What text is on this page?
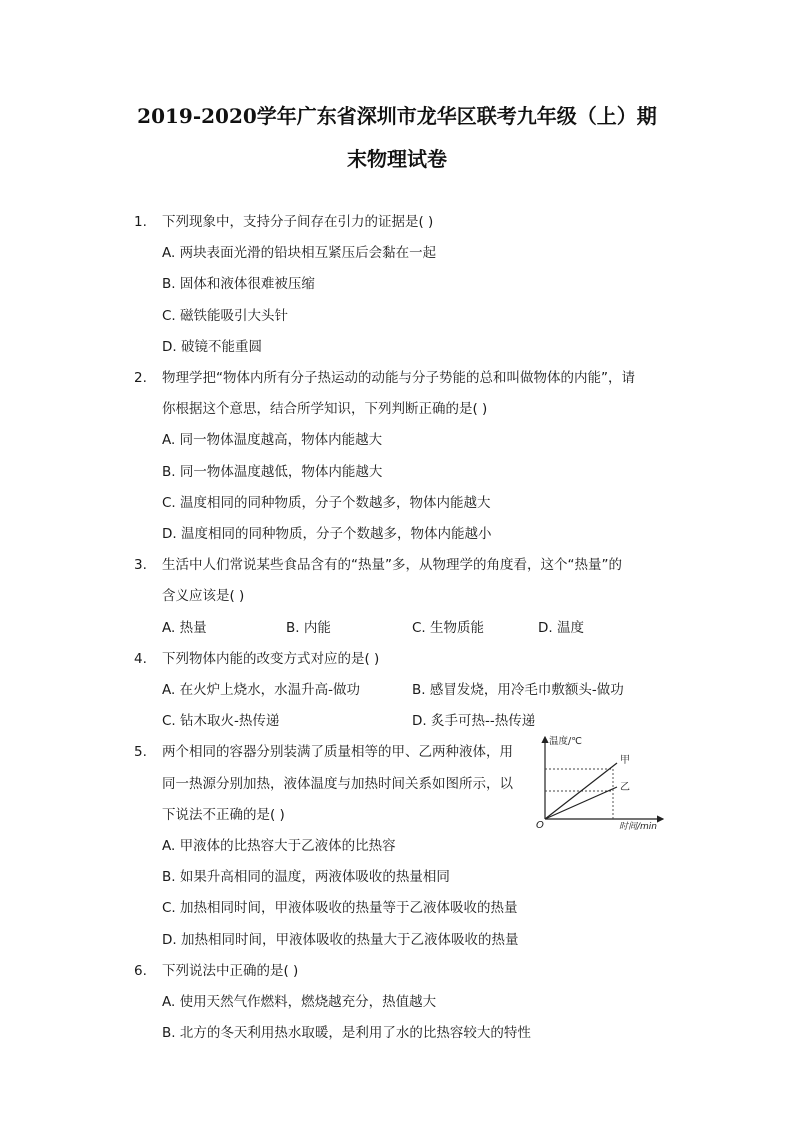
2019-2020学年广东省深圳市龙华区联考九年级（上）期
末物理试卷
1. 下列现象中，支持分子间存在引力的证据是( )
A. 两块表面光滑的铅块相互紧压后会黏在一起
B. 固体和液体很难被压缩
C. 磁铁能吸引大头针
D. 破镜不能重圆
2. 物理学把“物体内所有分子热运动的动能与分子势能的总和叫做物体的内能”，请
你根据这个意思，结合所学知识，下列判断正确的是( )
A. 同一物体温度越高，物体内能越大
B. 同一物体温度越低，物体内能越大
C. 温度相同的同种物质，分子个数越多，物体内能越大
D. 温度相同的同种物质，分子个数越多，物体内能越小
3. 生活中人们常说某些食品含有的“热量”多，从物理学的角度看，这个“热量”的
含义应该是( )
A. 热量	B. 内能	C. 生物质能	D. 温度
4. 下列物体内能的改变方式对应的是( )
A. 在火炉上烧水，水温升高-做功	B. 感冒发烧，用冷毛巾敷额头-做功
C. 钻木取火-热传递	D. 炙手可热--热传递
5. 两个相同的容器分别装满了质量相等的甲、乙两种液体，用
同一热源分别加热，液体温度与加热时间关系如图所示，以
下说法不正确的是( )
温度/℃
时间/min
O
甲
乙
A. 甲液体的比热容大于乙液体的比热容
B. 如果升高相同的温度，两液体吸收的热量相同
C. 加热相同时间，甲液体吸收的热量等于乙液体吸收的热量
D. 加热相同时间，甲液体吸收的热量大于乙液体吸收的热量
6. 下列说法中正确的是( )
A. 使用天然气作燃料，燃烧越充分，热值越大
B. 北方的冬天利用热水取暖，是利用了水的比热容较大的特性
